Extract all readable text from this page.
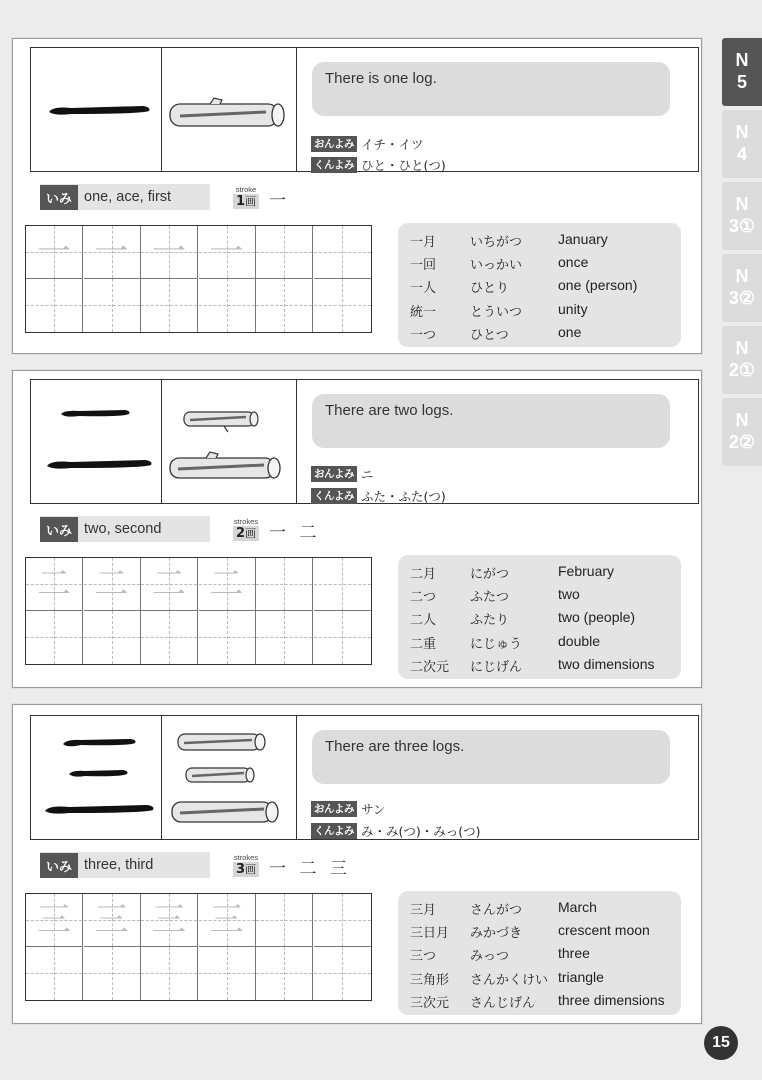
N
5
N
4
N
3①
N
3②
N
2①
N
2②
There is one log.
おんよみ イチ・イツ
くんよみ ひと・ひと(つ)
いみ one, ace, first	stroke
1画 一
一 一 一 一	一月	いちがつ	January
一回	いっかい	once
一人	ひとり	one (person)
統一	とういつ	unity
一つ	ひとつ	one
There are two logs.
おんよみ ニ
くんよみ ふた・ふた(つ)
いみ two, second	strokes
2画 一 二
二 二 二 二	二月	にがつ	February
二つ	ふたつ	two
二人	ふたり	two (people)
二重	にじゅう	double
二次元	にじげん	two dimensions
There are three logs.
おんよみ サン
くんよみ み・み(つ)・みっ(つ)
いみ three, third	strokes
3画 一 二 三
三 三 三 三	三月	さんがつ	March
三日月	みかづき	crescent moon
三つ	みっつ	three
三角形	さんかくけい triangle
三次元	さんじげん	three dimensions
15
